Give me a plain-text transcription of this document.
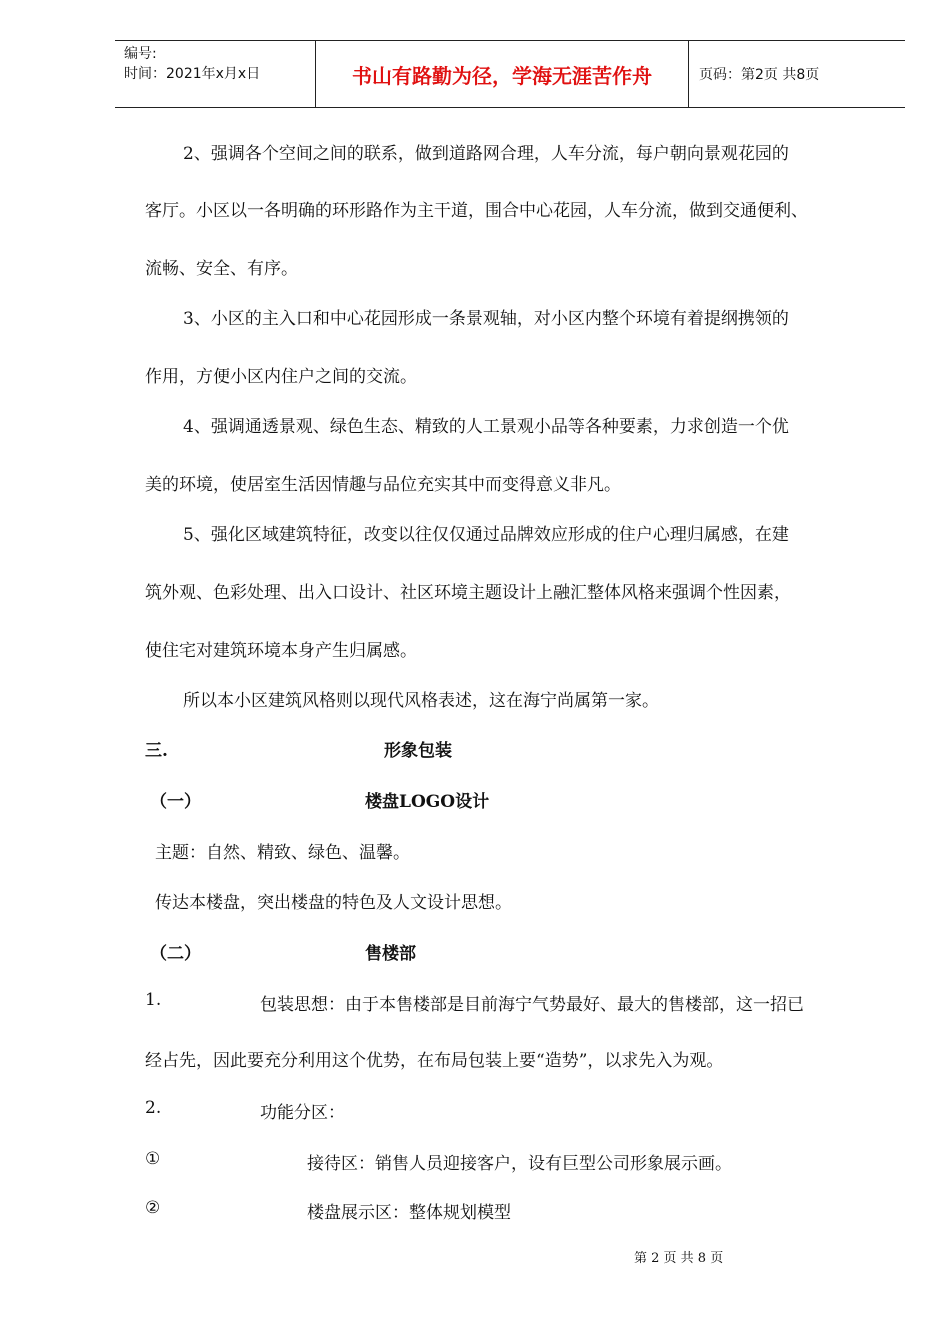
编号:
时间：2021年x月x日	书山有路勤为径，学海无涯苦作舟	页码：第2页 共8页
2、强调各个空间之间的联系，做到道路网合理，人车分流，每户朝向景观花园的
客厅。小区以一各明确的环形路作为主干道，围合中心花园，人车分流，做到交通便利、
流畅、安全、有序。
3、小区的主入口和中心花园形成一条景观轴，对小区内整个环境有着提纲携领的
作用，方便小区内住户之间的交流。
4、强调通透景观、绿色生态、精致的人工景观小品等各种要素，力求创造一个优
美的环境，使居室生活因情趣与品位充实其中而变得意义非凡。
5、强化区域建筑特征，改变以往仅仅通过品牌效应形成的住户心理归属感，在建
筑外观、色彩处理、出入口设计、社区环境主题设计上融汇整体风格来强调个性因素，
使住宅对建筑环境本身产生归属感。
所以本小区建筑风格则以现代风格表述，这在海宁尚属第一家。
三.	形象包装
（一）	楼盘LOGO设计
主题：自然、精致、绿色、温馨。
传达本楼盘，突出楼盘的特色及人文设计思想。
（二）	售楼部
1.	包装思想：由于本售楼部是目前海宁气势最好、最大的售楼部，这一招已
经占先，因此要充分利用这个优势，在布局包装上要“造势”，以求先入为观。
2.	功能分区：
①	接待区：销售人员迎接客户，设有巨型公司形象展示画。
②	楼盘展示区：整体规划模型
第 2 页 共 8 页
